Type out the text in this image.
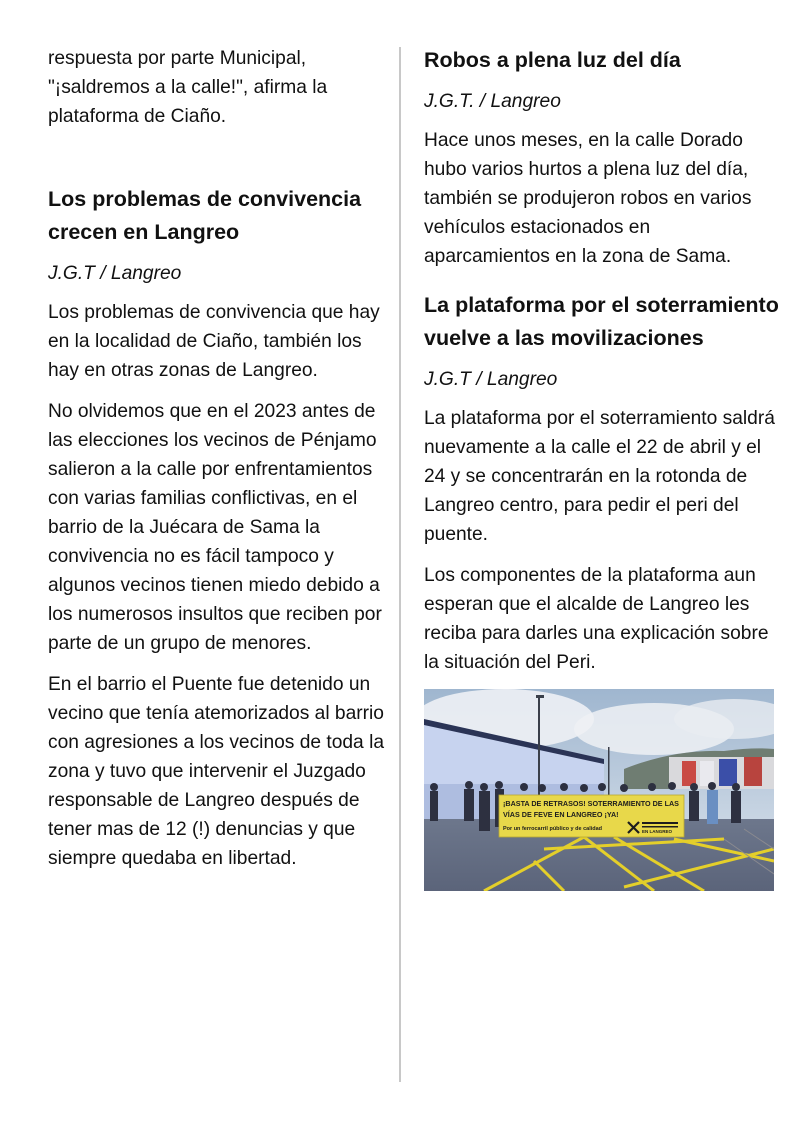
respuesta por parte Municipal, "¡saldremos a la calle!", afirma la plataforma de Ciaño.

Los problemas de convivencia crecen en Langreo
J.G.T / Langreo

Los problemas de convivencia que hay en la localidad de Ciaño, también los hay en otras zonas de Langreo.

No olvidemos que en el 2023 antes de las elecciones los vecinos de Pénjamo salieron a la calle por enfrentamientos con varias familias conflictivas, en el barrio de la Juécara de Sama la convivencia no es fácil tampoco y algunos vecinos tienen miedo debido a los numerosos insultos que reciben por parte de un grupo de menores.

En el barrio el Puente fue detenido un vecino que tenía atemorizados al barrio con agresiones a los vecinos de toda la zona y tuvo que intervenir el Juzgado responsable de Langreo después de tener mas de 12 (!) denuncias y que siempre quedaba en libertad.

Robos a plena luz del día
J.G.T. / Langreo

Hace unos meses, en la calle Dorado hubo varios hurtos a plena luz del día, también se produjeron robos en varios vehículos estacionados en aparcamientos en la zona de Sama.

La plataforma por el soterramiento vuelve a las movilizaciones
J.G.T / Langreo

La plataforma por el soterramiento saldrá nuevamente a la calle el 22 de abril y el 24 y se concentrarán en la rotonda de Langreo centro, para pedir el peri del puente.

Los componentes de la plataforma aun esperan que el alcalde de Langreo les reciba para darles una explicación sobre la situación del Peri.

¡BASTA DE RETRASOS! SOTERRAMIENTO DE LAS
VÍAS DE FEVE EN LANGREO ¡YA!
Por un ferrocarril público y de calidad	EN LANGREO
